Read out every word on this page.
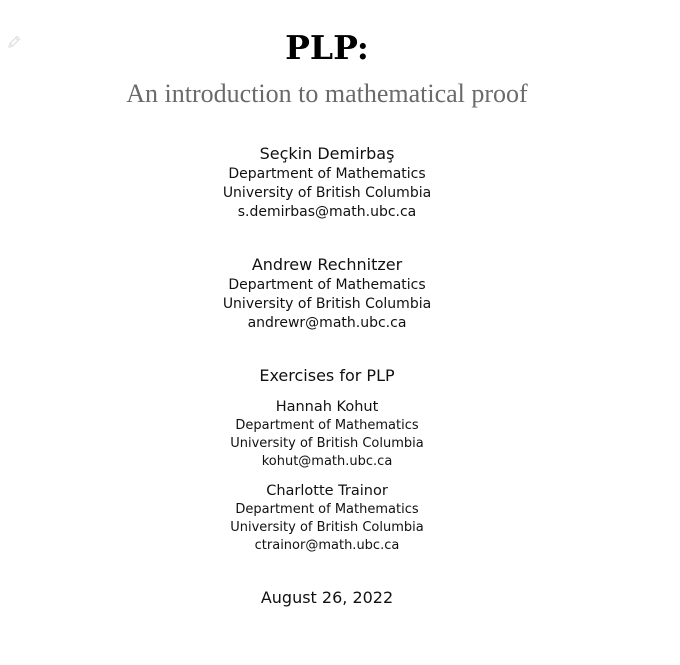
PLP:
An introduction to mathematical proof
Seçkin Demirbaş
Department of Mathematics
University of British Columbia
s.demirbas@math.ubc.ca
Andrew Rechnitzer
Department of Mathematics
University of British Columbia
andrewr@math.ubc.ca
Exercises for PLP
Hannah Kohut
Department of Mathematics
University of British Columbia
kohut@math.ubc.ca
Charlotte Trainor
Department of Mathematics
University of British Columbia
ctrainor@math.ubc.ca
August 26, 2022
